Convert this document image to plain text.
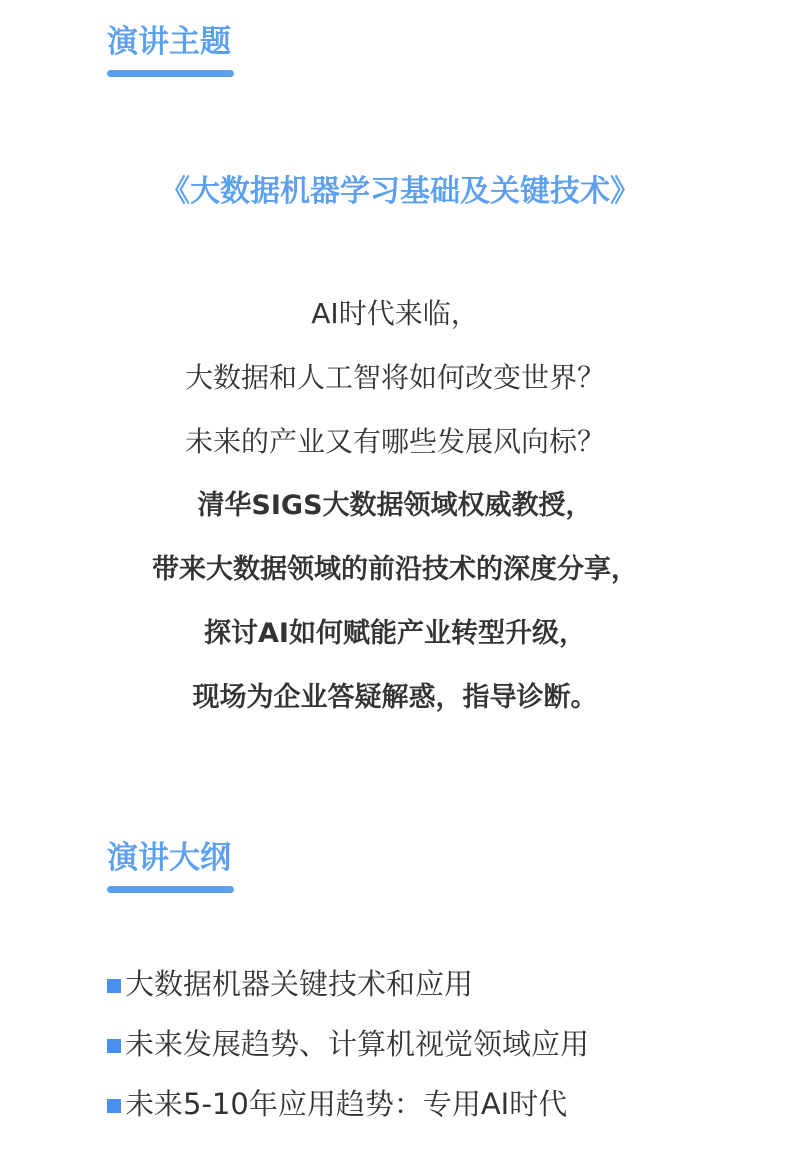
演讲主题
《大数据机器学习基础及关键技术》
AI时代来临，
大数据和人工智将如何改变世界？
未来的产业又有哪些发展风向标？
清华SIGS大数据领域权威教授，
带来大数据领域的前沿技术的深度分享，
探讨AI如何赋能产业转型升级，
现场为企业答疑解惑，指导诊断。
演讲大纲
大数据机器关键技术和应用
未来发展趋势、计算机视觉领域应用
未来5-10年应用趋势：专用AI时代
